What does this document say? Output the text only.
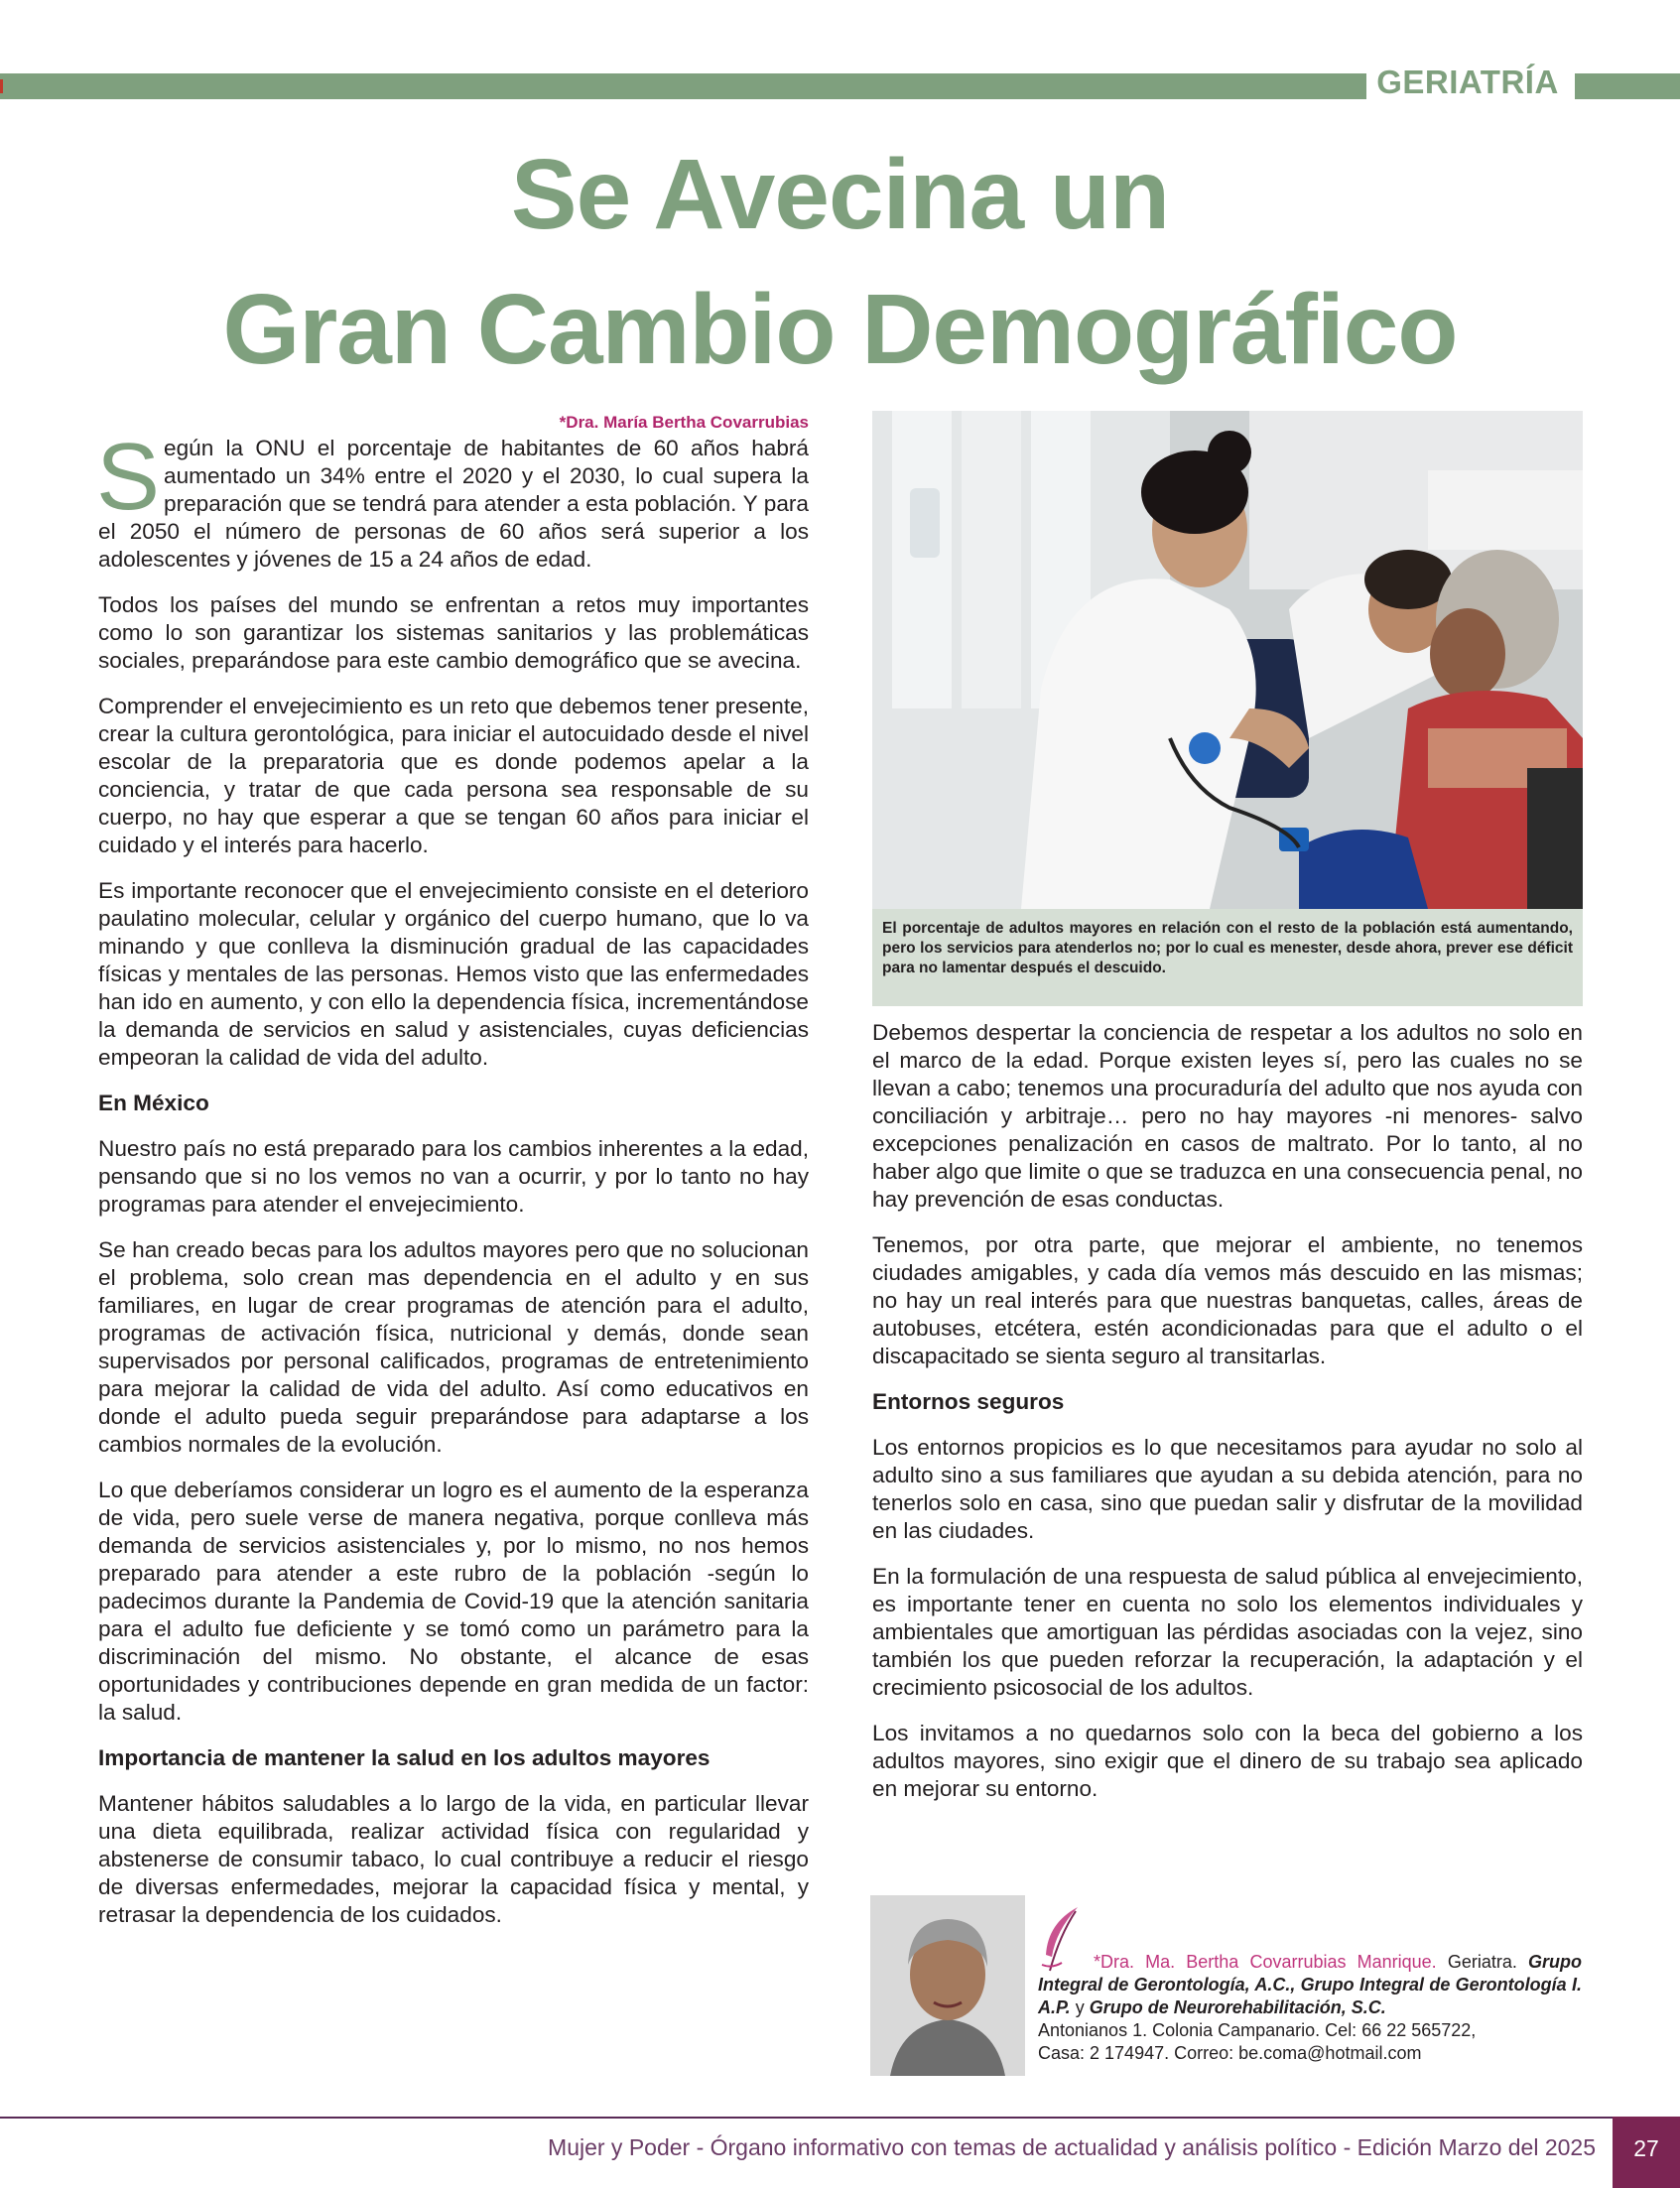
GERIATRÍA
Se Avecina un
Gran Cambio Demográfico
*Dra. María Bertha Covarrubias

Según la ONU el porcentaje de habitantes de 60 años habrá aumentado un 34% entre el 2020 y el 2030, lo cual supera la preparación que se tendrá para atender a esta población. Y para el 2050 el número de personas de 60 años será superior a los adolescentes y jóvenes de 15 a 24 años de edad.

Todos los países del mundo se enfrentan a retos muy importantes como lo son garantizar los sistemas sanitarios y las problemáticas sociales, preparándose para este cambio demográfico que se avecina.

Comprender el envejecimiento es un reto que debemos tener presente, crear la cultura gerontológica, para iniciar el autocuidado desde el nivel escolar de la preparatoria que es donde podemos apelar a la conciencia, y tratar de que cada persona sea responsable de su cuerpo, no hay que esperar a que se tengan 60 años para iniciar el cuidado y el interés para hacerlo.

Es importante reconocer que el envejecimiento consiste en el deterioro paulatino molecular, celular y orgánico del cuerpo humano, que lo va minando y que conlleva la disminución gradual de las capacidades físicas y mentales de las personas. Hemos visto que las enfermedades han ido en aumento, y con ello la dependencia física, incrementándose la demanda de servicios en salud y asistenciales, cuyas deficiencias empeoran la calidad de vida del adulto.

En México

Nuestro país no está preparado para los cambios inherentes a la edad, pensando que si no los vemos no van a ocurrir, y por lo tanto no hay programas para atender el envejecimiento.

Se han creado becas para los adultos mayores pero que no solucionan el problema, solo crean mas dependencia en el adulto y en sus familiares, en lugar de crear programas de atención para el adulto, programas de activación física, nutricional y demás, donde sean supervisados por personal calificados, programas de entretenimiento para mejorar la calidad de vida del adulto. Así como educativos en donde el adulto pueda seguir preparándose para adaptarse a los cambios normales de la evolución.

Lo que deberíamos considerar un logro es el aumento de la esperanza de vida, pero suele verse de manera negativa, porque conlleva más demanda de servicios asistenciales y, por lo mismo, no nos hemos preparado para atender a este rubro de la población -según lo padecimos durante la Pandemia de Covid-19 que la atención sanitaria para el adulto fue deficiente y se tomó como un parámetro para la discriminación del mismo. No obstante, el alcance de esas oportunidades y contribuciones depende en gran medida de un factor: la salud.

Importancia de mantener la salud en los adultos mayores

Mantener hábitos saludables a lo largo de la vida, en particular llevar una dieta equilibrada, realizar actividad física con regularidad y abstenerse de consumir tabaco, lo cual contribuye a reducir el riesgo de diversas enfermedades, mejorar la capacidad física y mental, y retrasar la dependencia de los cuidados.

El porcentaje de adultos mayores en relación con el resto de la población está aumentando, pero los servicios para atenderlos no; por lo cual es menester, desde ahora, prever ese déficit para no lamentar después el descuido.

Debemos despertar la conciencia de respetar a los adultos no solo en el marco de la edad. Porque existen leyes sí, pero las cuales no se llevan a cabo; tenemos una procuraduría del adulto que nos ayuda con conciliación y arbitraje… pero no hay mayores -ni menores- salvo excepciones penalización en casos de maltrato. Por lo tanto, al no haber algo que limite o que se traduzca en una consecuencia penal, no hay prevención de esas conductas.

Tenemos, por otra parte, que mejorar el ambiente, no tenemos ciudades amigables, y cada día vemos más descuido en las mismas; no hay un real interés para que nuestras banquetas, calles, áreas de autobuses, etcétera, estén acondicionadas para que el adulto o el discapacitado se sienta seguro al transitarlas.

Entornos seguros

Los entornos propicios es lo que necesitamos para ayudar no solo al adulto sino a sus familiares que ayudan a su debida atención, para no tenerlos solo en casa, sino que puedan salir y disfrutar de la movilidad en las ciudades.

En la formulación de una respuesta de salud pública al envejecimiento, es importante tener en cuenta no solo los elementos individuales y ambientales que amortiguan las pérdidas asociadas con la vejez, sino también los que pueden reforzar la recuperación, la adaptación y el crecimiento psicosocial de los adultos.

Los invitamos a no quedarnos solo con la beca del gobierno a los adultos mayores, sino exigir que el dinero de su trabajo sea aplicado en mejorar su entorno.

*Dra. Ma. Bertha Covarrubias Manrique. Geriatra. Grupo Integral de Gerontología, A.C., Grupo Integral de Gerontología I. A.P. y Grupo de Neurorehabilitación, S.C.
Antonianos 1. Colonia Campanario. Cel: 66 22 565722,
Casa: 2 174947. Correo: be.coma@hotmail.com
Mujer y Poder - Órgano informativo con temas de actualidad y análisis político - Edición Marzo del 2025	27
